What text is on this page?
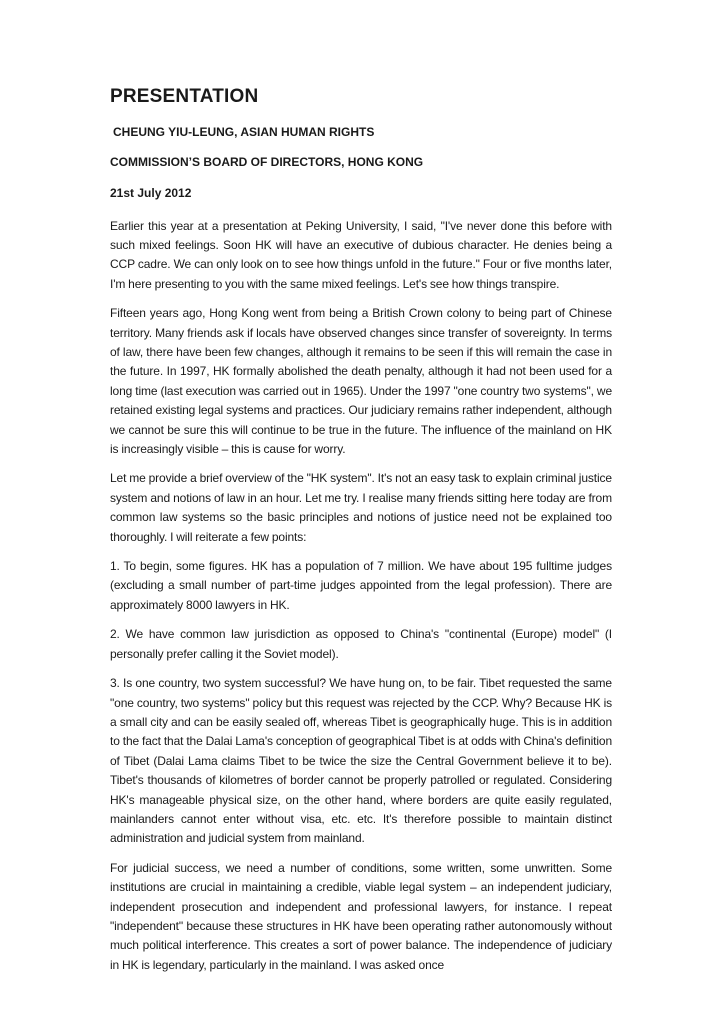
PRESENTATION

CHEUNG YIU-LEUNG, ASIAN HUMAN RIGHTS

COMMISSION’S BOARD OF DIRECTORS, HONG KONG

21st July 2012

Earlier this year at a presentation at Peking University, I said, "I've never done this before with such mixed feelings. Soon HK will have an executive of dubious character. He denies being a CCP cadre. We can only look on to see how things unfold in the future." Four or five months later, I'm here presenting to you with the same mixed feelings. Let's see how things transpire.

Fifteen years ago, Hong Kong went from being a British Crown colony to being part of Chinese territory. Many friends ask if locals have observed changes since transfer of sovereignty. In terms of law, there have been few changes, although it remains to be seen if this will remain the case in the future. In 1997, HK formally abolished the death penalty, although it had not been used for a long time (last execution was carried out in 1965). Under the 1997 "one country two systems", we retained existing legal systems and practices. Our judiciary remains rather independent, although we cannot be sure this will continue to be true in the future. The influence of the mainland on HK is increasingly visible – this is cause for worry.

Let me provide a brief overview of the "HK system". It's not an easy task to explain criminal justice system and notions of law in an hour. Let me try. I realise many friends sitting here today are from common law systems so the basic principles and notions of justice need not be explained too thoroughly. I will reiterate a few points:

1. To begin, some figures. HK has a population of 7 million. We have about 195 fulltime judges (excluding a small number of part-time judges appointed from the legal profession). There are approximately 8000 lawyers in HK.

2. We have common law jurisdiction as opposed to China's "continental (Europe) model" (I personally prefer calling it the Soviet model).

3. Is one country, two system successful? We have hung on, to be fair. Tibet requested the same "one country, two systems" policy but this request was rejected by the CCP. Why? Because HK is a small city and can be easily sealed off, whereas Tibet is geographically huge. This is in addition to the fact that the Dalai Lama's conception of geographical Tibet is at odds with China's definition of Tibet (Dalai Lama claims Tibet to be twice the size the Central Government believe it to be). Tibet's thousands of kilometres of border cannot be properly patrolled or regulated. Considering HK's manageable physical size, on the other hand, where borders are quite easily regulated, mainlanders cannot enter without visa, etc. etc. It's therefore possible to maintain distinct administration and judicial system from mainland.

For judicial success, we need a number of conditions, some written, some unwritten. Some institutions are crucial in maintaining a credible, viable legal system – an independent judiciary, independent prosecution and independent and professional lawyers, for instance. I repeat "independent" because these structures in HK have been operating rather autonomously without much political interference. This creates a sort of power balance. The independence of judiciary in HK is legendary, particularly in the mainland. I was asked once
